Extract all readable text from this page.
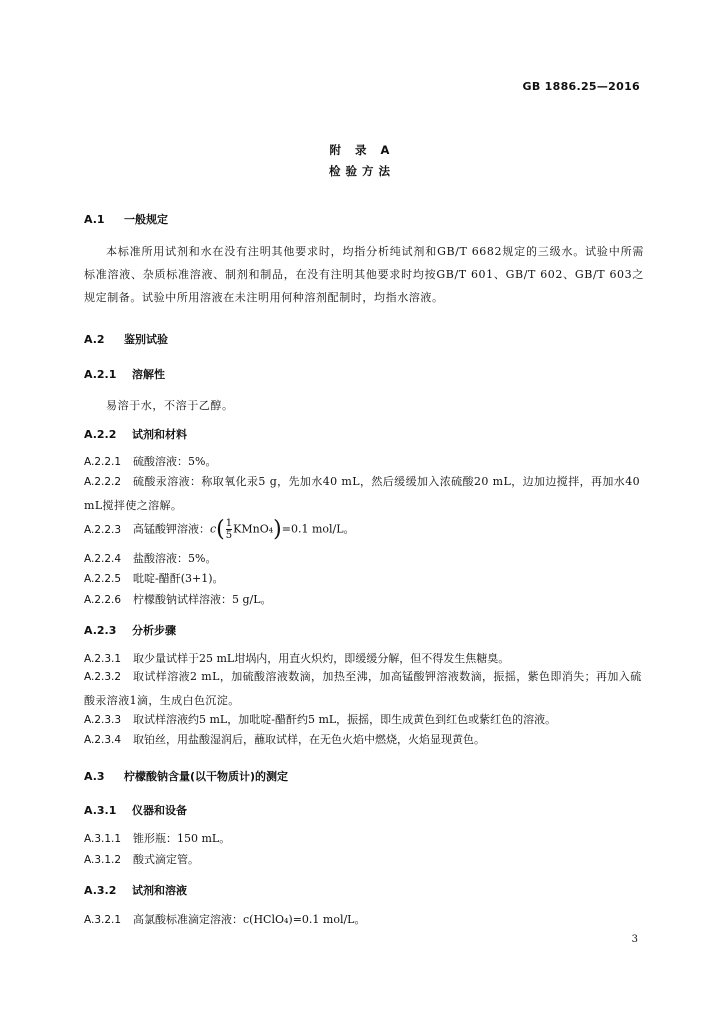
GB 1886.25—2016
附 录 A
检验方法
A.1 一般规定
本标准所用试剂和水在没有注明其他要求时，均指分析纯试剂和GB/T 6682规定的三级水。试验中所需标准溶液、杂质标准溶液、制剂和制品，在没有注明其他要求时均按GB/T 601、GB/T 602、GB/T 603之规定制备。试验中所用溶液在未注明用何种溶剂配制时，均指水溶液。
A.2 鉴别试验
A.2.1 溶解性
易溶于水，不溶于乙醇。
A.2.2 试剂和材料
A.2.2.1 硫酸溶液：5%。
A.2.2.2 硫酸汞溶液：称取氧化汞5 g，先加水40 mL，然后缓缓加入浓硫酸20 mL，边加边搅拌，再加水40 mL搅拌使之溶解。
A.2.2.3 高锰酸钾溶液：$c( \frac{1}{5}$ KMnO₄)=0.1 mol/L。
A.2.2.4 盐酸溶液：5%。
A.2.2.5 吡啶-醋酐(3+1)。
A.2.2.6 柠檬酸钠试样溶液：5 g/L。
A.2.3 分析步骤
A.2.3.1 取少量试样于25 mL坩埚内，用直火炽灼，即缓缓分解，但不得发生焦糖臭。
A.2.3.2 取试样溶液2 mL，加硫酸溶液数滴，加热至沸，加高锰酸钾溶液数滴，振摇，紫色即消失；再加入硫酸汞溶液1滴，生成白色沉淀。
A.2.3.3 取试样溶液约5 mL，加吡啶-醋酐约5 mL，振摇，即生成黄色到红色或紫红色的溶液。
A.2.3.4 取铂丝，用盐酸湿润后，蘸取试样，在无色火焰中燃烧，火焰显现黄色。
A.3 柠檬酸钠含量(以干物质计)的测定
A.3.1 仪器和设备
A.3.1.1 锥形瓶：150 mL。
A.3.1.2 酸式滴定管。
A.3.2 试剂和溶液
A.3.2.1 高氯酸标准滴定溶液：c(HClO₄)=0.1 mol/L。
3
